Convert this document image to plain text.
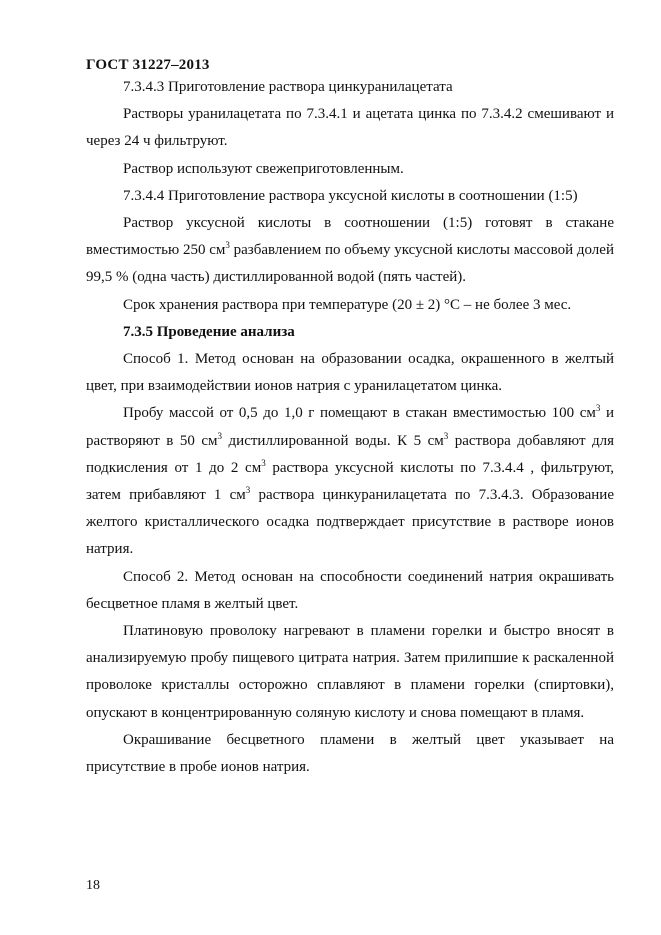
ГОСТ 31227–2013

7.3.4.3 Приготовление раствора цинкуранилацетата

Растворы уранилацетата по 7.3.4.1 и ацетата цинка по 7.3.4.2 смешивают и через 24 ч фильтруют.

Раствор используют свежеприготовленным.

7.3.4.4 Приготовление раствора уксусной кислоты в соотношении (1:5)

Раствор уксусной кислоты в соотношении (1:5) готовят в стакане вместимостью 250 $см^3$ разбавлением по объему уксусной кислоты массовой долей 99,5 % (одна часть) дистиллированной водой (пять частей).

Срок хранения раствора при температуре (20 ± 2) °С – не более 3 мес.

7.3.5 Проведение анализа

Способ 1. Метод основан на образовании осадка, окрашенного в желтый цвет, при взаимодействии ионов натрия с уранилацетатом цинка.

Пробу массой от 0,5 до 1,0 г помещают в стакан вместимостью 100 $см^3$ и растворяют в 50 $см^3$ дистиллированной воды. К 5 $см^3$ раствора добавляют для подкисления от 1 до 2 $см^3$ раствора уксусной кислоты по 7.3.4.4 , фильтруют, затем прибавляют 1 $см^3$ раствора цинкуранилацетата по 7.3.4.3. Образование желтого кристаллического осадка подтверждает присутствие в растворе ионов натрия.

Способ 2. Метод основан на способности соединений натрия окрашивать бесцветное пламя в желтый цвет.

Платиновую проволоку нагревают в пламени горелки и быстро вносят в анализируемую пробу пищевого цитрата натрия. Затем прилипшие к раскаленной проволоке кристаллы осторожно сплавляют в пламени горелки (спиртовки), опускают в концентрированную соляную кислоту и снова помещают в пламя.

Окрашивание бесцветного пламени в желтый цвет указывает на присутствие в пробе ионов натрия.

18
